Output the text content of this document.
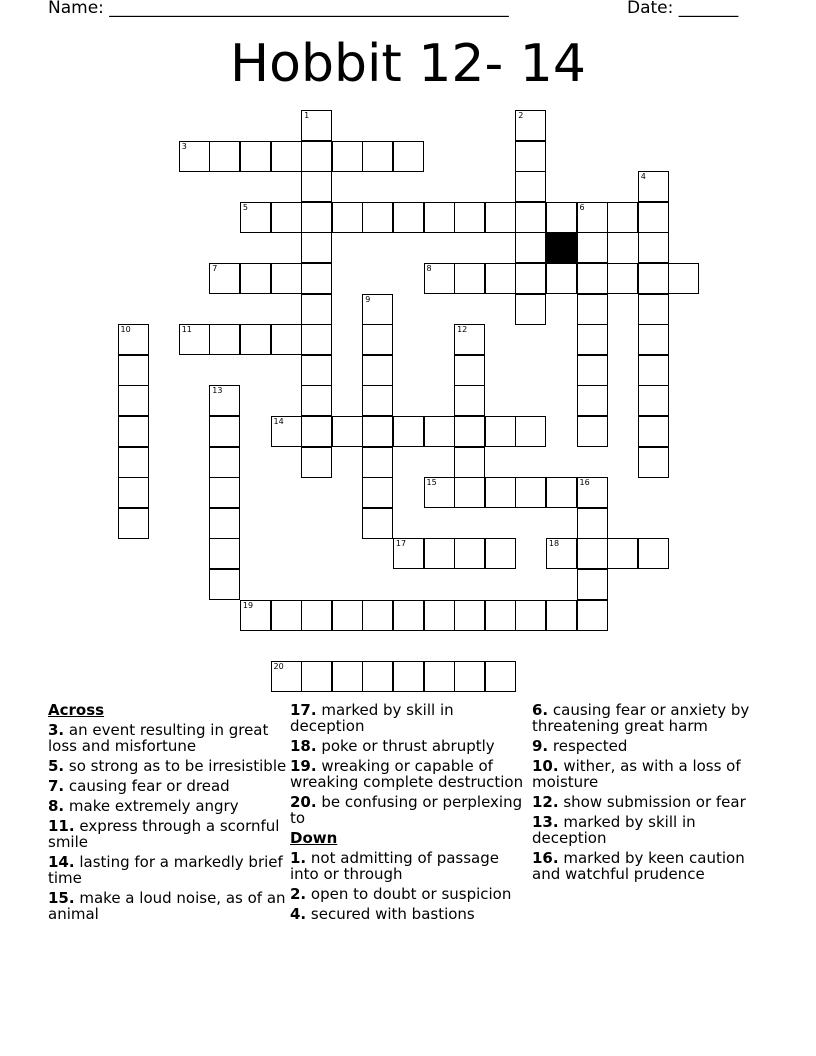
Name: _______________________________________________	Date: _______
Hobbit 12- 14
3
5	6
7	8
11
14
15	16
17	18
19
20
1	2
4
9
10	12
13
Across
3. an event resulting in great loss and misfortune
5. so strong as to be irresistible
7. causing fear or dread
8. make extremely angry
11. express through a scornful smile
14. lasting for a markedly brief time
15. make a loud noise, as of an animal
17. marked by skill in deception
18. poke or thrust abruptly
19. wreaking or capable of wreaking complete destruction
20. be confusing or perplexing to
Down
1. not admitting of passage into or through
2. open to doubt or suspicion
4. secured with bastions
6. causing fear or anxiety by threatening great harm
9. respected
10. wither, as with a loss of moisture
12. show submission or fear
13. marked by skill in deception
16. marked by keen caution and watchful prudence
